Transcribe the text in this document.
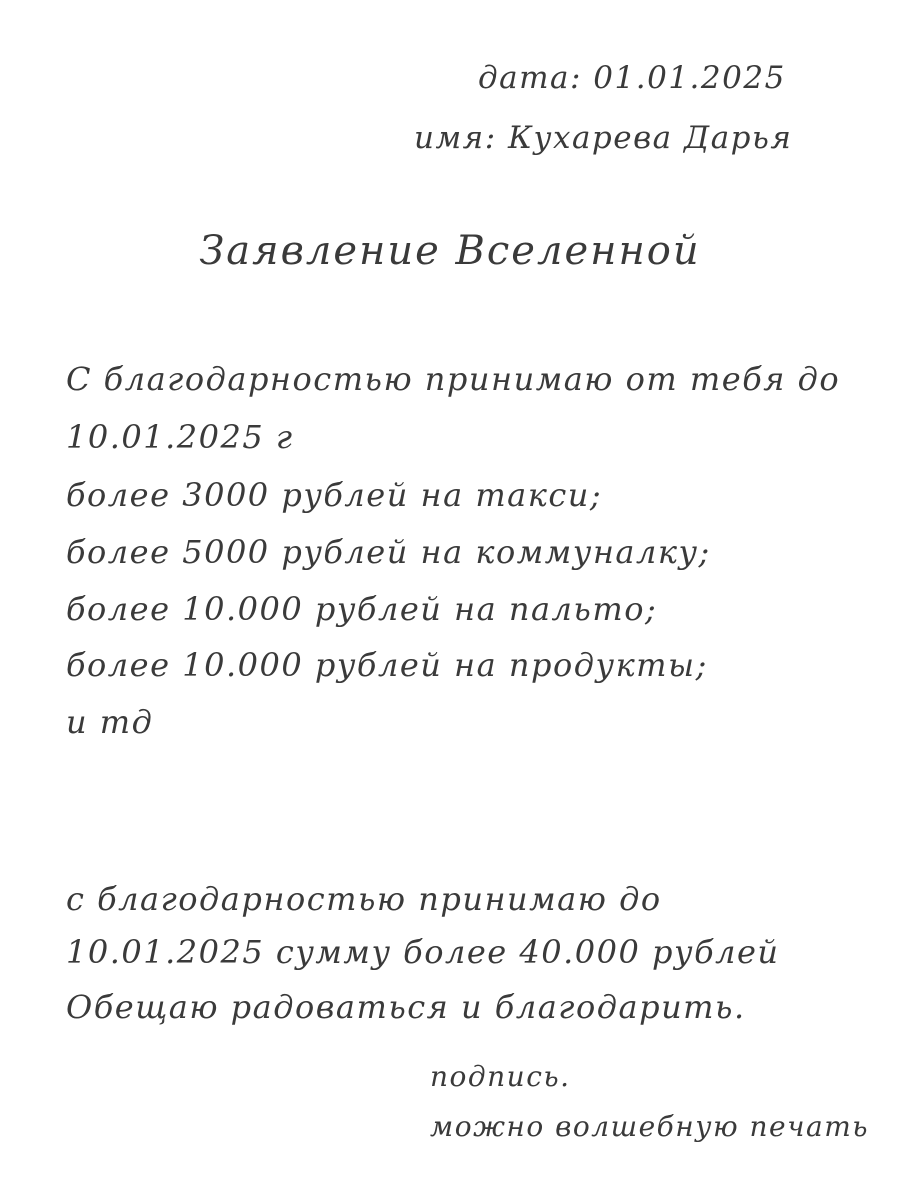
дата: 01.01.2025
имя: Кухарева Дарья
Заявление Вселенной
С благодарностью принимаю от тебя до
10.01.2025 г
более 3000 рублей на такси;
более 5000 рублей на коммуналку;
более 10.000 рублей на пальто;
более 10.000 рублей на продукты;
и тд
с благодарностью принимаю до
10.01.2025 сумму более 40.000 рублей
Обещаю радоваться и благодарить.
подпись.
можно волшебную печать
